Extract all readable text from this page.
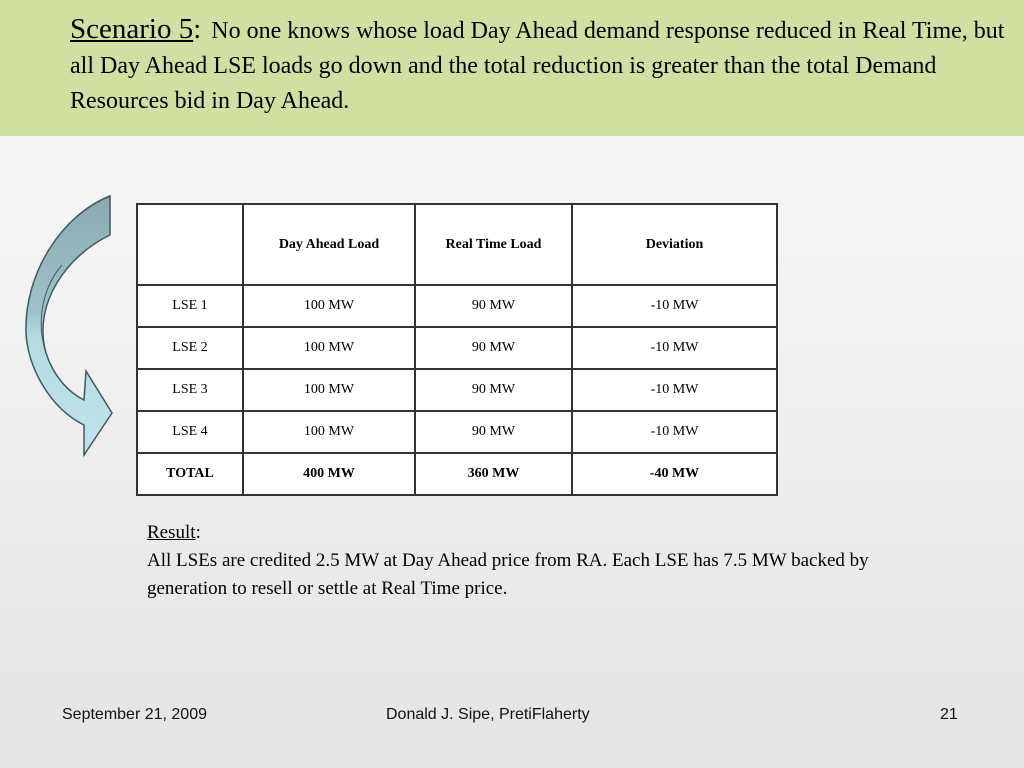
Scenario 5: No one knows whose load Day Ahead demand response reduced in Real Time, but all Day Ahead LSE loads go down and the total reduction is greater than the total Demand Resources bid in Day Ahead.
	Day Ahead Load	Real Time Load	Deviation
LSE 1	100 MW	90 MW	-10 MW
LSE 2	100 MW	90 MW	-10 MW
LSE 3	100 MW	90 MW	-10 MW
LSE 4	100 MW	90 MW	-10 MW
TOTAL	400 MW	360 MW	-40 MW
Result:
All LSEs are credited 2.5 MW at Day Ahead price from RA. Each LSE has 7.5 MW backed by generation to resell or settle at Real Time price.
September 21, 2009	Donald J. Sipe, PretiFlaherty	21
